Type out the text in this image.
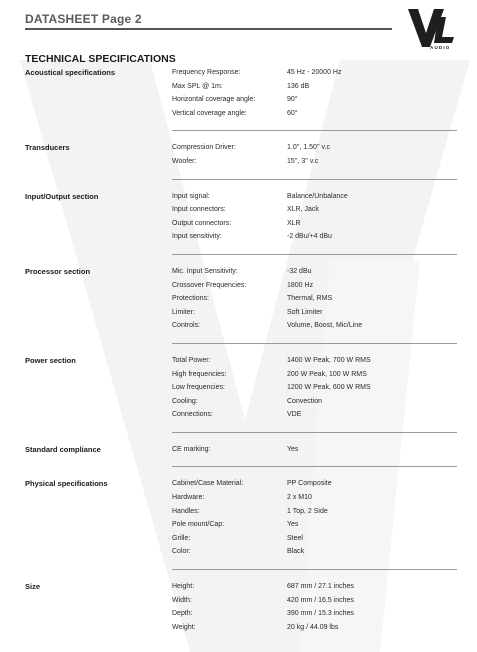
DATASHEET Page 2
AUDIO
TECHNICAL SPECIFICATIONS
Acoustical specifications	Frequency Response:	45 Hz - 20000 Hz
Max SPL @ 1m:	136 dB
Horizontal coverage angle:	90°
Vertical coverage angle:	60°
Transducers	Compression Driver:	1.0'', 1.50'' v.c
Woofer:	15'', 3'' v.c
Input/Output section	Input signal:	Balance/Unbalance
Input connectors:	XLR, Jack
Output connectors:	XLR
Input sensitivity:	-2 dBu/+4 dBu
Processor section	Mic. Input Sensitivity:	-32 dBu
Crossover Frequencies:	1800 Hz
Protections:	Thermal, RMS
Limiter:	Soft Limiter
Controls:	Volume, Boost, Mic/Line
Power section	Total Power:	1400 W Peak, 700 W RMS
High frequencies:	200 W Peak, 100 W RMS
Low frequencies:	1200 W Peak, 600 W RMS
Cooling:	Convection
Connections:	VDE
Standard compliance	CE marking:	Yes
Physical specifications	Cabinet/Case Material:	PP Composite
Hardware:	2 x M10
Handles:	1 Top, 2 Side
Pole mount/Cap:	Yes
Grille:	Steel
Color:	Black
Size	Height:	687 mm / 27.1 inches
Width:	420 mm / 16.5 inches
Depth:	390 mm / 15.3 inches
Weight:	20 kg / 44.09 lbs
